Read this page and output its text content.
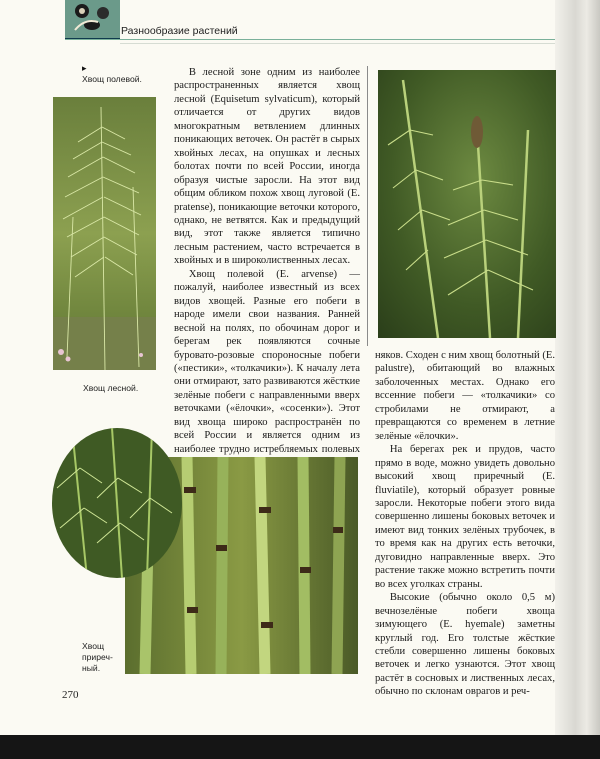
Разнообразие растений
▸
Хвощ полевой.
Хвощ лесной.

В лесной зоне одним из наиболее распространенных является хвощ лесной (Equisetum sylvaticum), который отличается от других видов многократным ветвлением длинных поникающих веточек. Он растёт в сырых хвойных лесах, на опушках и лесных болотах почти по всей России, иногда образуя чистые заросли. На этот вид общим обликом похож хвощ луговой (E. pratense), поникающие веточки которого, однако, не ветвятся. Как и предыдущий вид, этот также является типично лесным растением, часто встречается в хвойных и в широколиственных лесах.

Хвощ полевой (E. arvense) — пожалуй, наиболее известный из всех видов хвощей. Разные его побеги в народе имели свои названия. Ранней весной на полях, по обочинам дорог и берегам рек появляются сочные буровато-розовые спороносные побеги («пестики», «толкачики»). К началу лета они отмирают, зато развиваются жёсткие зелёные побеги с направленными вверх веточками («ёлочки», «сосенки»). Этот вид хвоща широко распространён по всей России и является одним из наиболее трудно истребляемых полевых

няков. Сходен с ним хвощ болотный (E. palustre), обитающий во влажных заболоченных местах. Однако его вссенние побеги — «толкачики» со стробилами не отмирают, а превращаются со временем в летние зелёные «ёлочки».

На берегах рек и прудов, часто прямо в воде, можно увидеть довольно высокий хвощ приречный (E. fluviatile), который образует ровные заросли. Некоторые побеги этого вида совершенно лишены боковых веточек и имеют вид тонких зелёных трубочек, в то время как на других есть веточки, дуговидно направленные вверх. Это растение также можно встретить почти во всех уголках страны.

Высокие (обычно около 0,5 м) вечнозелёные побеги хвоща зимующего (E. hyemale) заметны круглый год. Его толстые жёсткие стебли совершенно лишены боковых веточек и легко узнаются. Этот хвощ растёт в сосновых и лиственных лесах, обычно по склонам оврагов и реч-

Хвощ
приреч-
ный.
270
